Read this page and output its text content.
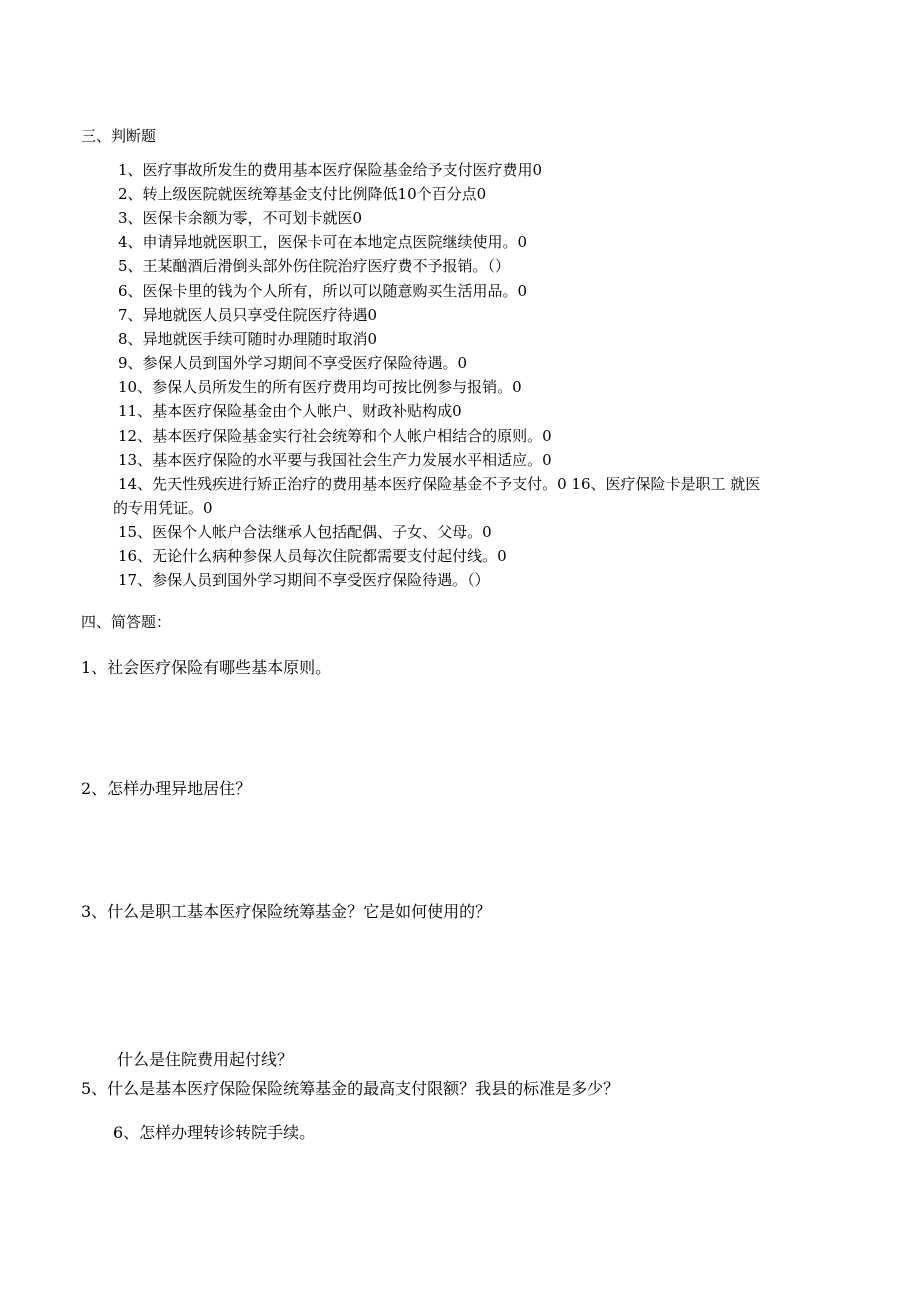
三、判断题
1、医疗事故所发生的费用基本医疗保险基金给予支付医疗费用0
2、转上级医院就医统筹基金支付比例降低10个百分点0
3、医保卡余额为零，不可划卡就医0
4、申请异地就医职工，医保卡可在本地定点医院继续使用。0
5、王某酗酒后滑倒头部外伤住院治疗医疗费不予报销。（）
6、医保卡里的钱为个人所有，所以可以随意购买生活用品。0
7、异地就医人员只享受住院医疗待遇0
8、异地就医手续可随时办理随时取消0
9、参保人员到国外学习期间不享受医疗保险待遇。0
10、参保人员所发生的所有医疗费用均可按比例参与报销。0
11、基本医疗保险基金由个人帐户、财政补贴构成0
12、基本医疗保险基金实行社会统筹和个人帐户相结合的原则。0
13、基本医疗保险的水平要与我国社会生产力发展水平相适应。0
14、先天性残疾进行矫正治疗的费用基本医疗保险基金不予支付。0 16、医疗保险卡是职工 就医
的专用凭证。0
15、医保个人帐户合法继承人包括配偶、子女、父母。0
16、无论什么病种参保人员每次住院都需要支付起付线。0
17、参保人员到国外学习期间不享受医疗保险待遇。（）
四、简答题：
1、社会医疗保险有哪些基本原则。
2、怎样办理异地居住？
3、什么是职工基本医疗保险统筹基金？它是如何使用的？
什么是住院费用起付线？
5、什么是基本医疗保险保险统筹基金的最高支付限额？我县的标准是多少？
6、怎样办理转诊转院手续。
